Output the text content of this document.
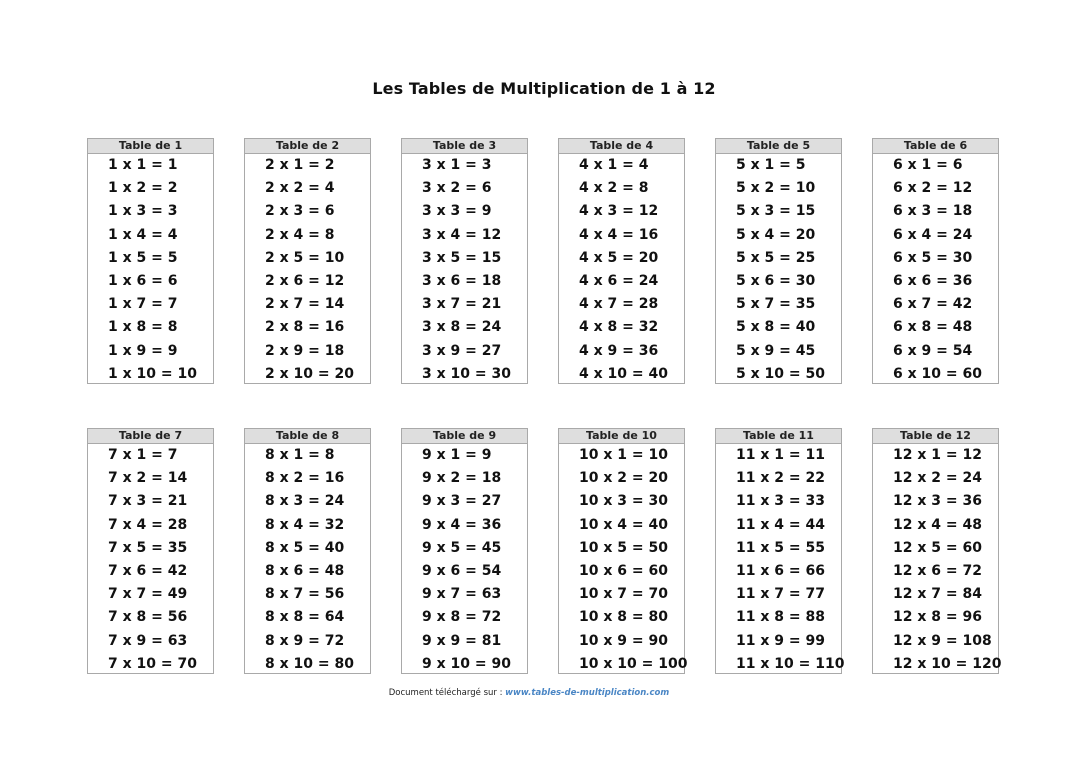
Les Tables de Multiplication de 1 à 12
Table de 1
1 x 1 = 1
1 x 2 = 2
1 x 3 = 3
1 x 4 = 4
1 x 5 = 5
1 x 6 = 6
1 x 7 = 7
1 x 8 = 8
1 x 9 = 9
1 x 10 = 10
Table de 2
2 x 1 = 2
2 x 2 = 4
2 x 3 = 6
2 x 4 = 8
2 x 5 = 10
2 x 6 = 12
2 x 7 = 14
2 x 8 = 16
2 x 9 = 18
2 x 10 = 20
Table de 3
3 x 1 = 3
3 x 2 = 6
3 x 3 = 9
3 x 4 = 12
3 x 5 = 15
3 x 6 = 18
3 x 7 = 21
3 x 8 = 24
3 x 9 = 27
3 x 10 = 30
Table de 4
4 x 1 = 4
4 x 2 = 8
4 x 3 = 12
4 x 4 = 16
4 x 5 = 20
4 x 6 = 24
4 x 7 = 28
4 x 8 = 32
4 x 9 = 36
4 x 10 = 40
Table de 5
5 x 1 = 5
5 x 2 = 10
5 x 3 = 15
5 x 4 = 20
5 x 5 = 25
5 x 6 = 30
5 x 7 = 35
5 x 8 = 40
5 x 9 = 45
5 x 10 = 50
Table de 6
6 x 1 = 6
6 x 2 = 12
6 x 3 = 18
6 x 4 = 24
6 x 5 = 30
6 x 6 = 36
6 x 7 = 42
6 x 8 = 48
6 x 9 = 54
6 x 10 = 60
Table de 7
7 x 1 = 7
7 x 2 = 14
7 x 3 = 21
7 x 4 = 28
7 x 5 = 35
7 x 6 = 42
7 x 7 = 49
7 x 8 = 56
7 x 9 = 63
7 x 10 = 70
Table de 8
8 x 1 = 8
8 x 2 = 16
8 x 3 = 24
8 x 4 = 32
8 x 5 = 40
8 x 6 = 48
8 x 7 = 56
8 x 8 = 64
8 x 9 = 72
8 x 10 = 80
Table de 9
9 x 1 = 9
9 x 2 = 18
9 x 3 = 27
9 x 4 = 36
9 x 5 = 45
9 x 6 = 54
9 x 7 = 63
9 x 8 = 72
9 x 9 = 81
9 x 10 = 90
Table de 10
10 x 1 = 10
10 x 2 = 20
10 x 3 = 30
10 x 4 = 40
10 x 5 = 50
10 x 6 = 60
10 x 7 = 70
10 x 8 = 80
10 x 9 = 90
10 x 10 = 100
Table de 11
11 x 1 = 11
11 x 2 = 22
11 x 3 = 33
11 x 4 = 44
11 x 5 = 55
11 x 6 = 66
11 x 7 = 77
11 x 8 = 88
11 x 9 = 99
11 x 10 = 110
Table de 12
12 x 1 = 12
12 x 2 = 24
12 x 3 = 36
12 x 4 = 48
12 x 5 = 60
12 x 6 = 72
12 x 7 = 84
12 x 8 = 96
12 x 9 = 108
12 x 10 = 120
Document téléchargé sur : www.tables-de-multiplication.com
